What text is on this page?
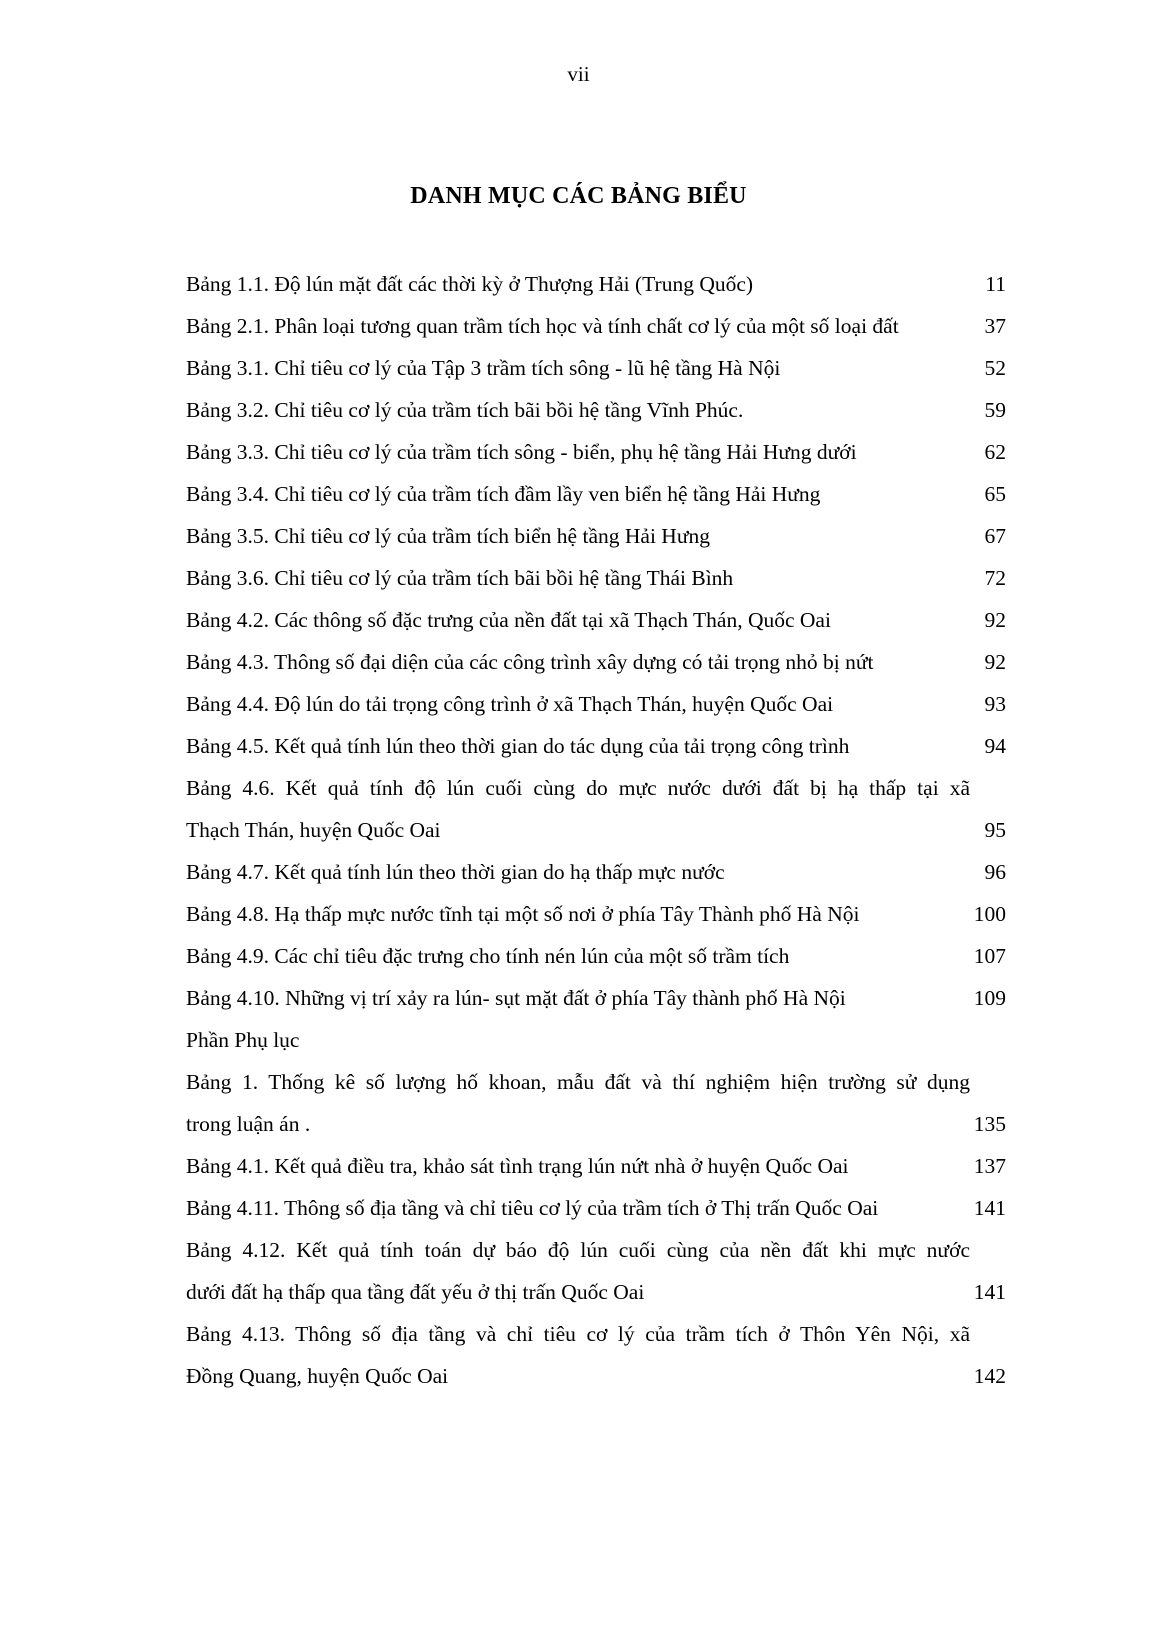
vii
DANH MỤC CÁC BẢNG BIỂU
Bảng 1.1. Độ lún mặt đất các thời kỳ ở Thượng Hải (Trung Quốc)	11
Bảng 2.1. Phân loại tương quan trầm tích học và tính chất cơ lý của một số loại đất	37
Bảng 3.1. Chỉ tiêu cơ lý của Tập 3 trầm tích sông - lũ hệ tầng Hà Nội	52
Bảng 3.2. Chỉ tiêu cơ lý của trầm tích bãi bồi hệ tầng Vĩnh Phúc.	59
Bảng 3.3. Chỉ tiêu cơ lý của trầm tích sông - biển, phụ hệ tầng Hải Hưng dưới	62
Bảng 3.4. Chỉ tiêu cơ lý của trầm tích đầm lầy ven biển hệ tầng Hải Hưng	65
Bảng 3.5. Chỉ tiêu cơ lý của trầm tích biển hệ tầng Hải Hưng	67
Bảng 3.6. Chỉ tiêu cơ lý của trầm tích bãi bồi hệ tầng Thái Bình	72
Bảng 4.2. Các thông số đặc trưng của nền đất tại xã Thạch Thán, Quốc Oai	92
Bảng 4.3. Thông số đại diện của các công trình xây dựng có tải trọng nhỏ bị nứt	92
Bảng 4.4. Độ lún do tải trọng công trình ở xã Thạch Thán, huyện Quốc Oai	93
Bảng 4.5. Kết quả tính lún theo thời gian do tác dụng của tải trọng công trình	94
Bảng 4.6. Kết quả tính độ lún cuối cùng do mực nước dưới đất bị hạ thấp tại xã
Thạch Thán, huyện Quốc Oai	95
Bảng 4.7. Kết quả tính lún theo thời gian do hạ thấp mực nước	96
Bảng 4.8. Hạ thấp mực nước tĩnh tại một số nơi ở phía Tây Thành phố Hà Nội	100
Bảng 4.9. Các chỉ tiêu đặc trưng cho tính nén lún của một số trầm tích	107
Bảng 4.10. Những vị trí xảy ra lún- sụt mặt đất ở phía Tây thành phố Hà Nội	109
Phần Phụ lục
Bảng 1. Thống kê số lượng hố khoan, mẫu đất và thí nghiệm hiện trường sử dụng
trong luận án .	135
Bảng 4.1. Kết quả điều tra, khảo sát tình trạng lún nứt nhà ở huyện Quốc Oai	137
Bảng 4.11. Thông số địa tầng và chỉ tiêu cơ lý của trầm tích ở Thị trấn Quốc Oai	141
Bảng 4.12. Kết quả tính toán dự báo độ lún cuối cùng của nền đất khi mực nước
dưới đất hạ thấp qua tầng đất yếu ở thị trấn Quốc Oai	141
Bảng 4.13. Thông số địa tầng và chỉ tiêu cơ lý của trầm tích ở Thôn Yên Nội, xã
Đồng Quang, huyện Quốc Oai	142
